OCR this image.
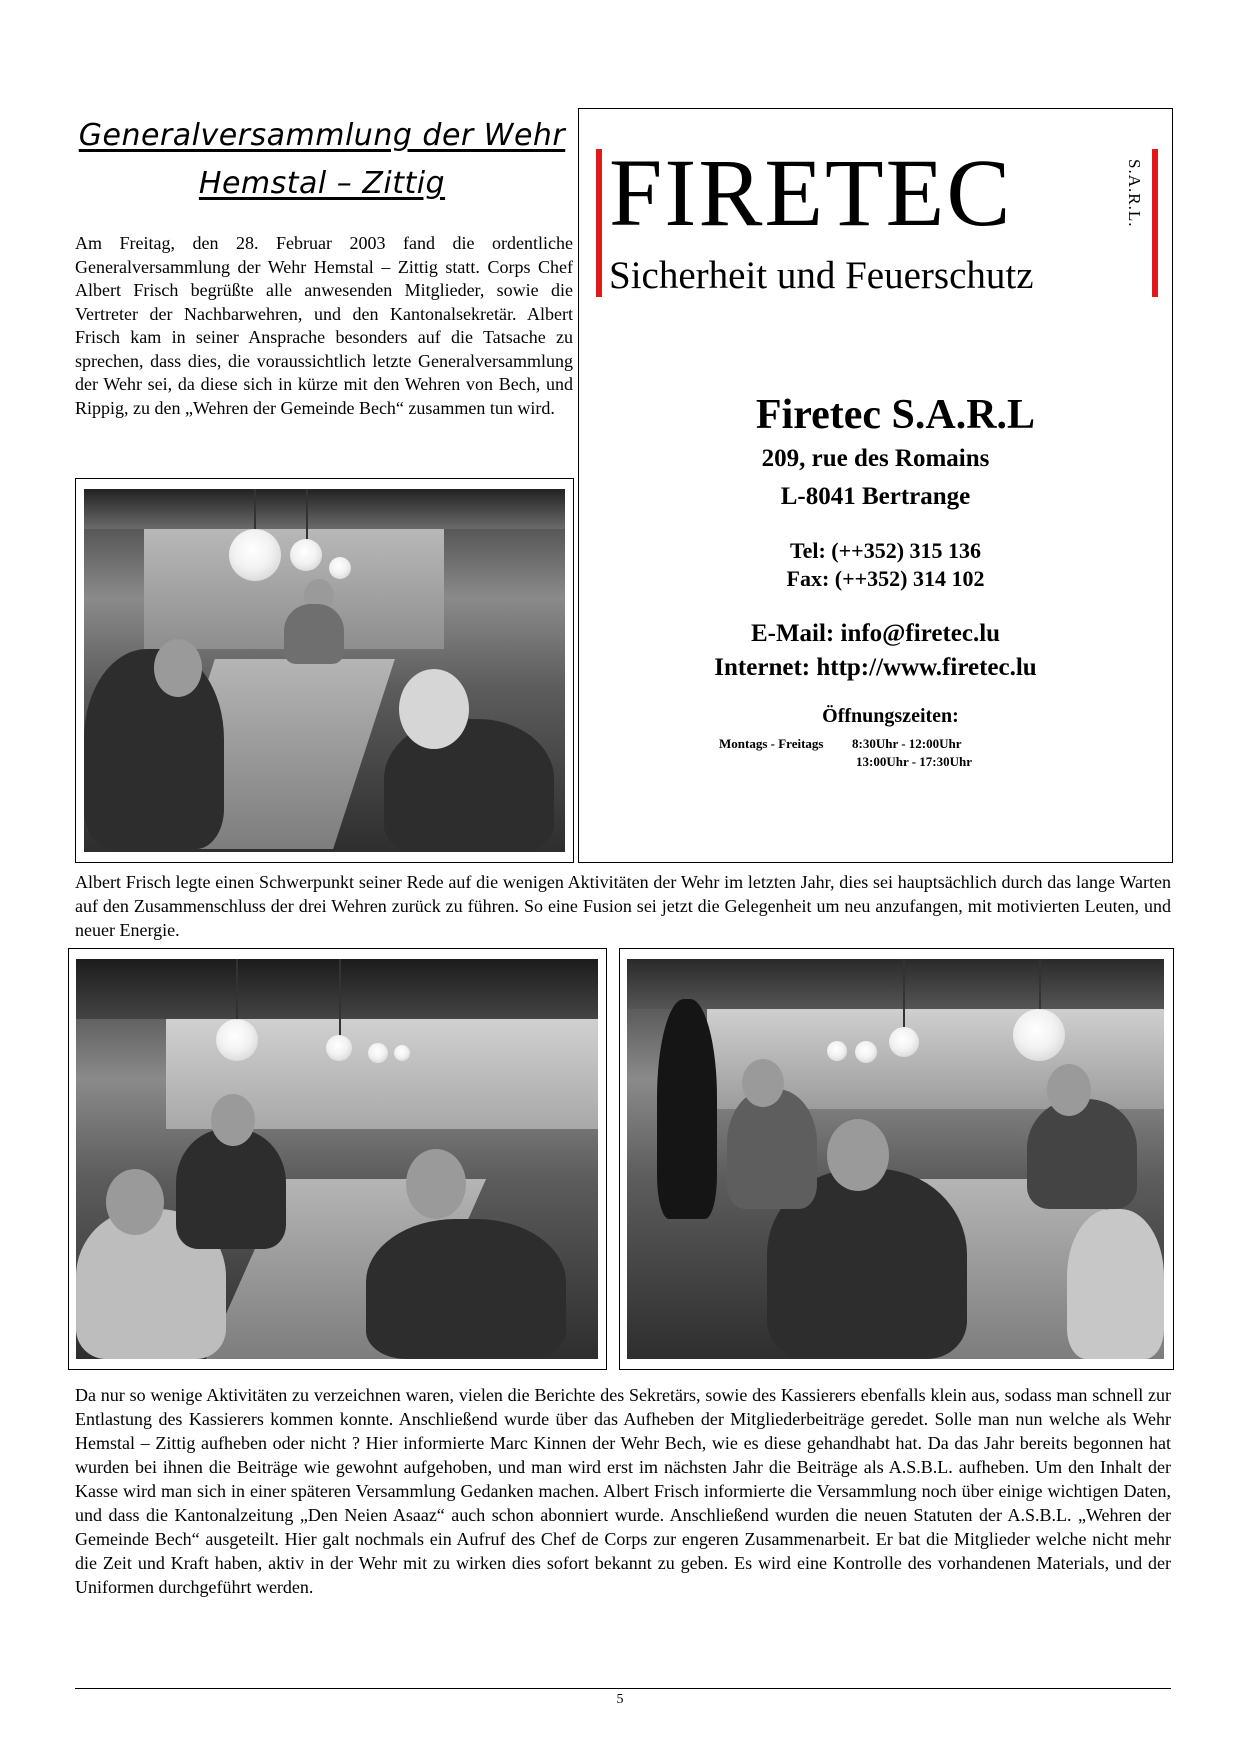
Generalversammlung der Wehr
Hemstal – Zittig
Am Freitag, den 28. Februar 2003 fand die ordentliche Generalversammlung der Wehr Hemstal – Zittig statt. Corps Chef Albert Frisch begrüßte alle anwesenden Mitglieder, sowie die Vertreter der Nachbarwehren, und den Kantonalsekretär. Albert Frisch kam in seiner Ansprache besonders auf die Tatsache zu sprechen, dass dies, die voraussichtlich letzte Generalversammlung der Wehr sei, da diese sich in kürze mit den Wehren von Bech, und Rippig, zu den „Wehren der Gemeinde Bech“ zusammen tun wird.
FIRETEC	S.A.R.L.
Sicherheit und Feuerschutz
Firetec S.A.R.L
209, rue des Romains
L-8041 Bertrange
Tel: (++352) 315 136
Fax: (++352) 314 102
E-Mail: info@firetec.lu
Internet: http://www.firetec.lu
Öffnungszeiten:
Montags - Freitags 8:30Uhr - 12:00Uhr
13:00Uhr - 17:30Uhr
Albert Frisch legte einen Schwerpunkt seiner Rede auf die wenigen Aktivitäten der Wehr im letzten Jahr, dies sei hauptsächlich durch das lange Warten auf den Zusammenschluss der drei Wehren zurück zu führen. So eine Fusion sei jetzt die Gelegenheit um neu anzufangen, mit motivierten Leuten, und neuer Energie.
Da nur so wenige Aktivitäten zu verzeichnen waren, vielen die Berichte des Sekretärs, sowie des Kassierers ebenfalls klein aus, sodass man schnell zur Entlastung des Kassierers kommen konnte. Anschließend wurde über das Aufheben der Mitgliederbeiträge geredet. Solle man nun welche als Wehr Hemstal – Zittig aufheben oder nicht ? Hier informierte Marc Kinnen der Wehr Bech, wie es diese gehandhabt hat. Da das Jahr bereits begonnen hat wurden bei ihnen die Beiträge wie gewohnt aufgehoben, und man wird erst im nächsten Jahr die Beiträge als A.S.B.L. aufheben. Um den Inhalt der Kasse wird man sich in einer späteren Versammlung Gedanken machen. Albert Frisch informierte die Versammlung noch über einige wichtigen Daten, und dass die Kantonalzeitung „Den Neien Asaaz“ auch schon abonniert wurde. Anschließend wurden die neuen Statuten der A.S.B.L. „Wehren der Gemeinde Bech“ ausgeteilt. Hier galt nochmals ein Aufruf des Chef de Corps zur engeren Zusammenarbeit. Er bat die Mitglieder welche nicht mehr die Zeit und Kraft haben, aktiv in der Wehr mit zu wirken dies sofort bekannt zu geben. Es wird eine Kontrolle des vorhandenen Materials, und der Uniformen durchgeführt werden.
5
